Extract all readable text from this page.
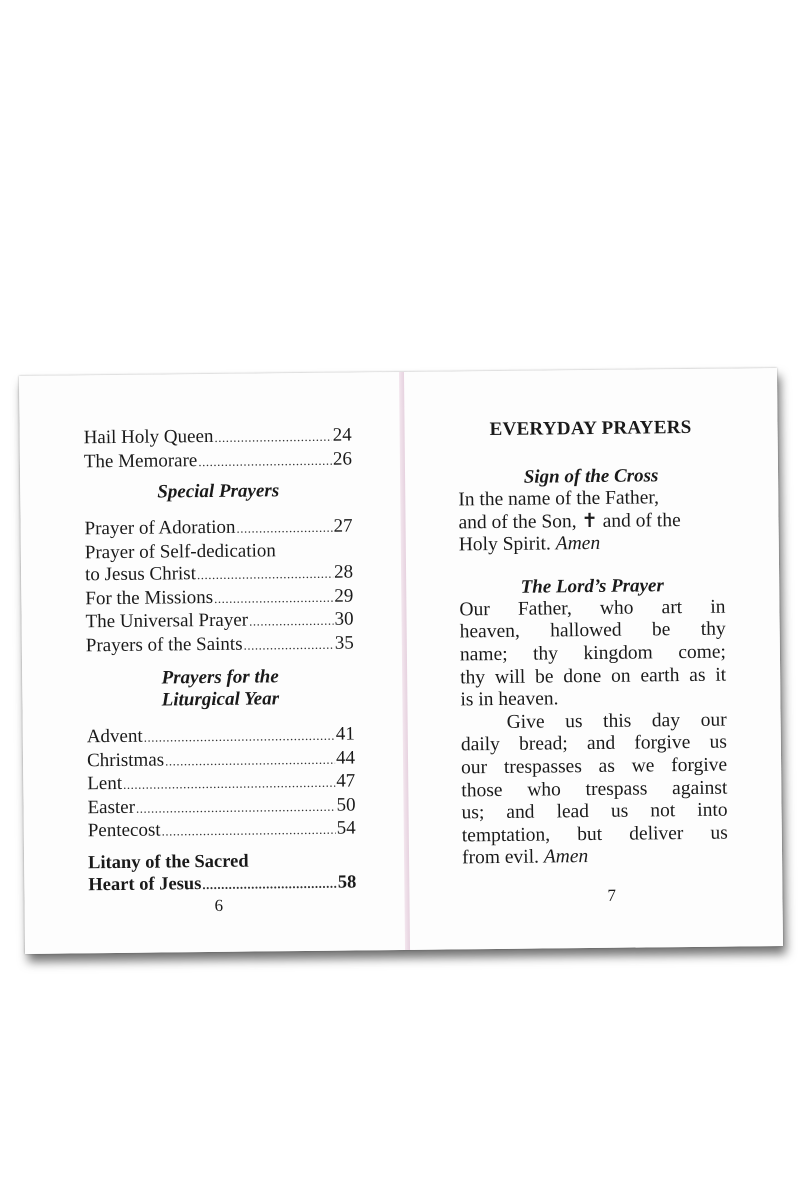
Hail Holy Queen .....	24
The Memorare .....	26
Special Prayers
Prayer of Adoration .....	27
Prayer of Self-dedication
to Jesus Christ .....	28
For the Missions .....	29
The Universal Prayer .....	30
Prayers of the Saints .....	35
Prayers for the
Liturgical Year
Advent .....	41
Christmas .....	44
Lent .....	47
Easter .....	50
Pentecost .....	54
Litany of the Sacred
Heart of Jesus .....	58
6
EVERYDAY PRAYERS
Sign of the Cross
In the name of the Father,
and of the Son, ✝ and of the
Holy Spirit. Amen
The Lord’s Prayer
Our Father, who art in
heaven, hallowed be thy
name; thy kingdom come;
thy will be done on earth as it
is in heaven.
Give us this day our
daily bread; and forgive us
our trespasses as we forgive
those who trespass against
us; and lead us not into
temptation, but deliver us
from evil. Amen
7
